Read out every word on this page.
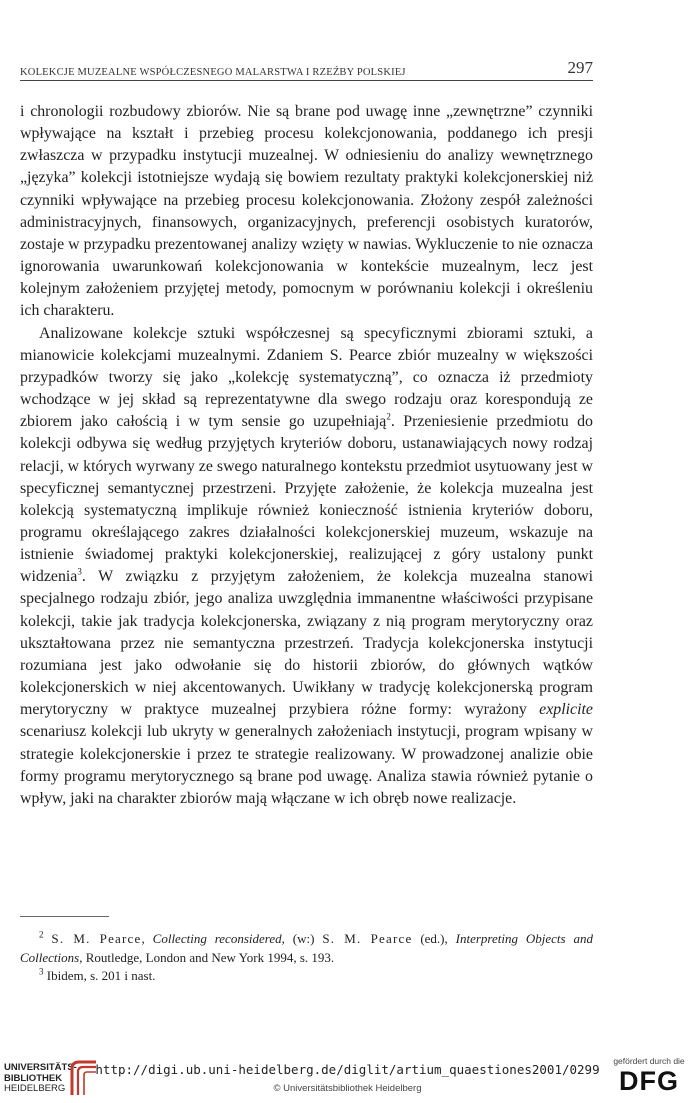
KOLEKCJE MUZEALNE WSPÓŁCZESNEGO MALARSTWA I RZEŹBY POLSKIEJ	297

i chronologii rozbudowy zbiorów. Nie są brane pod uwagę inne „zewnętrzne” czynniki wpływające na kształt i przebieg procesu kolekcjonowania, poddanego ich presji zwłaszcza w przypadku instytucji muzealnej. W odniesieniu do analizy wewnętrznego „języka” kolekcji istotniejsze wydają się bowiem rezultaty praktyki kolekcjonerskiej niż czynniki wpływające na przebieg procesu kolekcjonowania. Złożony zespół zależności administracyjnych, finansowych, organizacyjnych, preferencji osobistych kuratorów, zostaje w przypadku prezentowanej analizy wzięty w nawias. Wykluczenie to nie oznacza ignorowania uwarunkowań kolekcjonowania w kontekście muzealnym, lecz jest kolejnym założeniem przyjętej metody, pomocnym w porównaniu kolekcji i określeniu ich charakteru.

Analizowane kolekcje sztuki współczesnej są specyficznymi zbiorami sztuki, a mianowicie kolekcjami muzealnymi. Zdaniem S. Pearce zbiór muzealny w większości przypadków tworzy się jako „kolekcję systematyczną”, co oznacza iż przedmioty wchodzące w jej skład są reprezentatywne dla swego rodzaju oraz korespondują ze zbiorem jako całością i w tym sensie go uzupełniają$^2$. Przeniesienie przedmiotu do kolekcji odbywa się według przyjętych kryteriów doboru, ustanawiających nowy rodzaj relacji, w których wyrwany ze swego naturalnego kontekstu przedmiot usytuowany jest w specyficznej semantycznej przestrzeni. Przyjęte założenie, że kolekcja muzealna jest kolekcją systematyczną implikuje również konieczność istnienia kryteriów doboru, programu określającego zakres działalności kolekcjonerskiej muzeum, wskazuje na istnienie świadomej praktyki kolekcjonerskiej, realizującej z góry ustalony punkt widzenia$^3$. W związku z przyjętym założeniem, że kolekcja muzealna stanowi specjalnego rodzaju zbiór, jego analiza uwzględnia immanentne właściwości przypisane kolekcji, takie jak tradycja kolekcjonerska, związany z nią program merytoryczny oraz ukształtowana przez nie semantyczna przestrzeń. Tradycja kolekcjonerska instytucji rozumiana jest jako odwołanie się do historii zbiorów, do głównych wątków kolekcjonerskich w niej akcentowanych. Uwikłany w tradycję kolekcjonerską program merytoryczny w praktyce muzealnej przybiera różne formy: wyrażony explicite scenariusz kolekcji lub ukryty w generalnych założeniach instytucji, program wpisany w strategie kolekcjonerskie i przez te strategie realizowany. W prowadzonej analizie obie formy programu merytorycznego są brane pod uwagę. Analiza stawia również pytanie o wpływ, jaki na charakter zbiorów mają włączane w ich obręb nowe realizacje.

$^2$ S. M. Pearce, Collecting reconsidered, (w:) S. M. Pearce (ed.), Interpreting Objects and Collections, Routledge, London and New York 1994, s. 193.

$^3$ Ibidem, s. 201 i nast.

UNIVERSITÄTS-
BIBLIOTHEK
HEIDELBERG
http://digi.ub.uni-heidelberg.de/diglit/artium_quaestiones2001/0299
© Universitätsbibliothek Heidelberg
gefördert durch die
DFG
